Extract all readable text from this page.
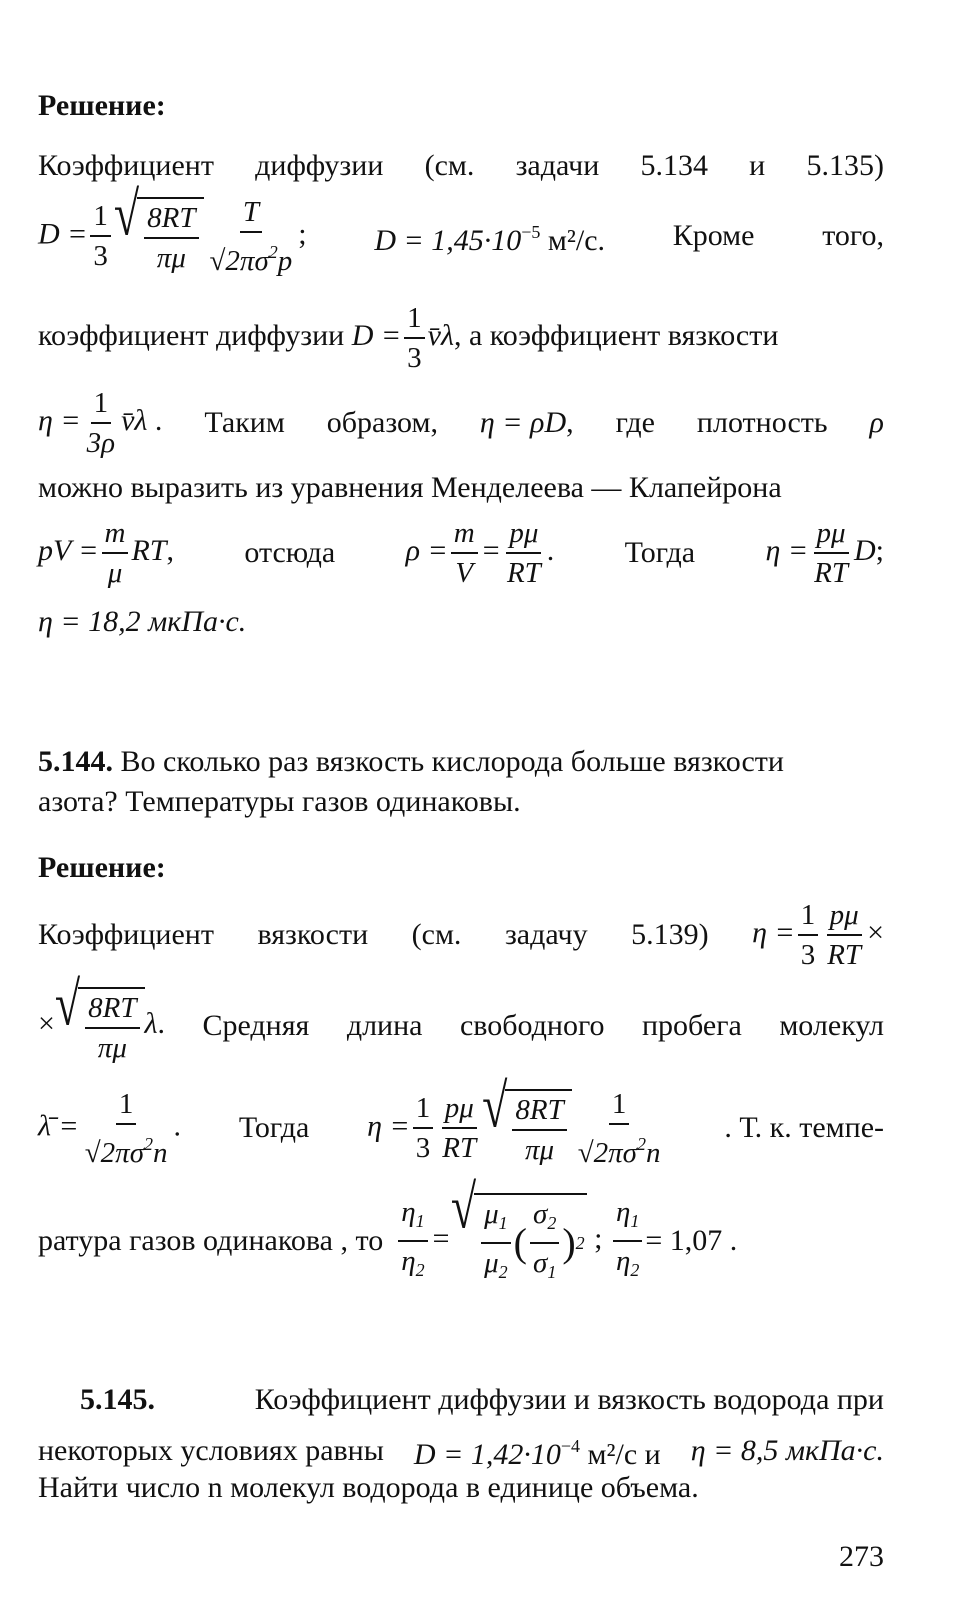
Решение:
Коэффициент диффузии (см. задачи 5.134 и 5.135)
$D = \frac{1}{3}$ √ $\frac{8RT}{\pi\mu} \frac{T}{√2\pi\sigma^2p}$ ; $D = 1,45\cdot 10^{-5}$ м²/с. Кроме того,
коэффициент диффузии $D = \frac{1}{3}$ v̄λ, а коэффициент вязкости
$\eta = \frac{1}{3\rho}$ v̄λ . Таким образом, η = ρD, где плотность ρ
можно выразить из уравнения Менделеева — Клапейрона
pV = $\frac{m}{\mu}$ RT, отсюда $\rho = \frac{m}{V} = \frac{p\mu}{RT}$ . Тогда $\eta = \frac{p\mu}{RT} D$;
η = 18,2 мкПа·с.
5.144. Во сколько раз вязкость кислорода больше вязкости
азота? Температуры газов одинаковы.
Решение:
Коэффициент вязкости (см. задачу 5.139) $\eta = \frac{1}{3} \frac{p\mu}{RT}$ ×
× √ $\frac{8RT}{\pi\mu} \lambda$. Средняя длина свободного пробега молекул
λ̄ = $\frac{1}{√2\pi\sigma^2n}$ . Тогда $\eta = \frac{1}{3} \frac{p\mu}{RT}$ √ $\frac{8RT}{\pi\mu} \frac{1}{√2\pi\sigma^2n}$ . Т. к. темпе-
ратура газов одинакова , то $\frac{\eta_1}{\eta_2}$ = √ $\frac{\mu_1}{\mu_2}$ ( $\frac{\sigma_2}{\sigma_1}$ ) 2 ; $\frac{\eta_1}{\eta_2} = 1,07$ .
5.145.	Коэффициент диффузии и вязкость водорода при
некоторых условиях равны $D = 1,42\cdot 10^{-4}$ м²/с и η = 8,5 мкПа·с.
Найти число n молекул водорода в единице объема.
273
